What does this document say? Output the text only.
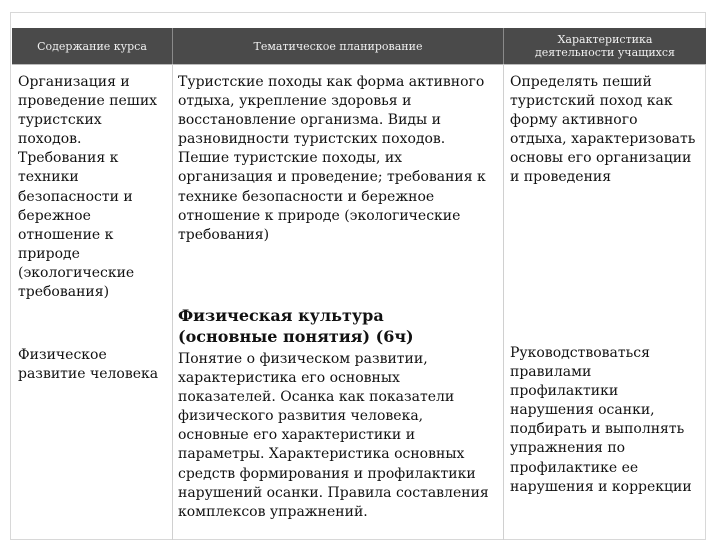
Содержание курса	Тематическое планирование	Характеристика
деятельности учащихся
Организация и
проведение пеших
туристских
походов.
Требования к
техники
безопасности и
бережное
отношение к
природе
(экологические
требования)
Туристские походы как форма активного
отдыха, укрепление здоровья и
восстановление организма. Виды и
разновидности туристских походов.
Пешие туристские походы, их
организация и проведение; требования к
технике безопасности и бережное
отношение к природе (экологические
требования)
Определять пеший
туристский поход как
форму активного
отдыха, характеризовать
основы его организации
и проведения
Физическая культура
(основные понятия) (6ч)
Физическое
развитие человека
Понятие о физическом развитии,
характеристика его основных
показателей. Осанка как показатели
физического развития человека,
основные его характеристики и
параметры. Характеристика основных
средств формирования и профилактики
нарушений осанки. Правила составления
комплексов упражнений.
Руководствоваться
правилами
профилактики
нарушения осанки,
подбирать и выполнять
упражнения по
профилактике ее
нарушения и коррекции
